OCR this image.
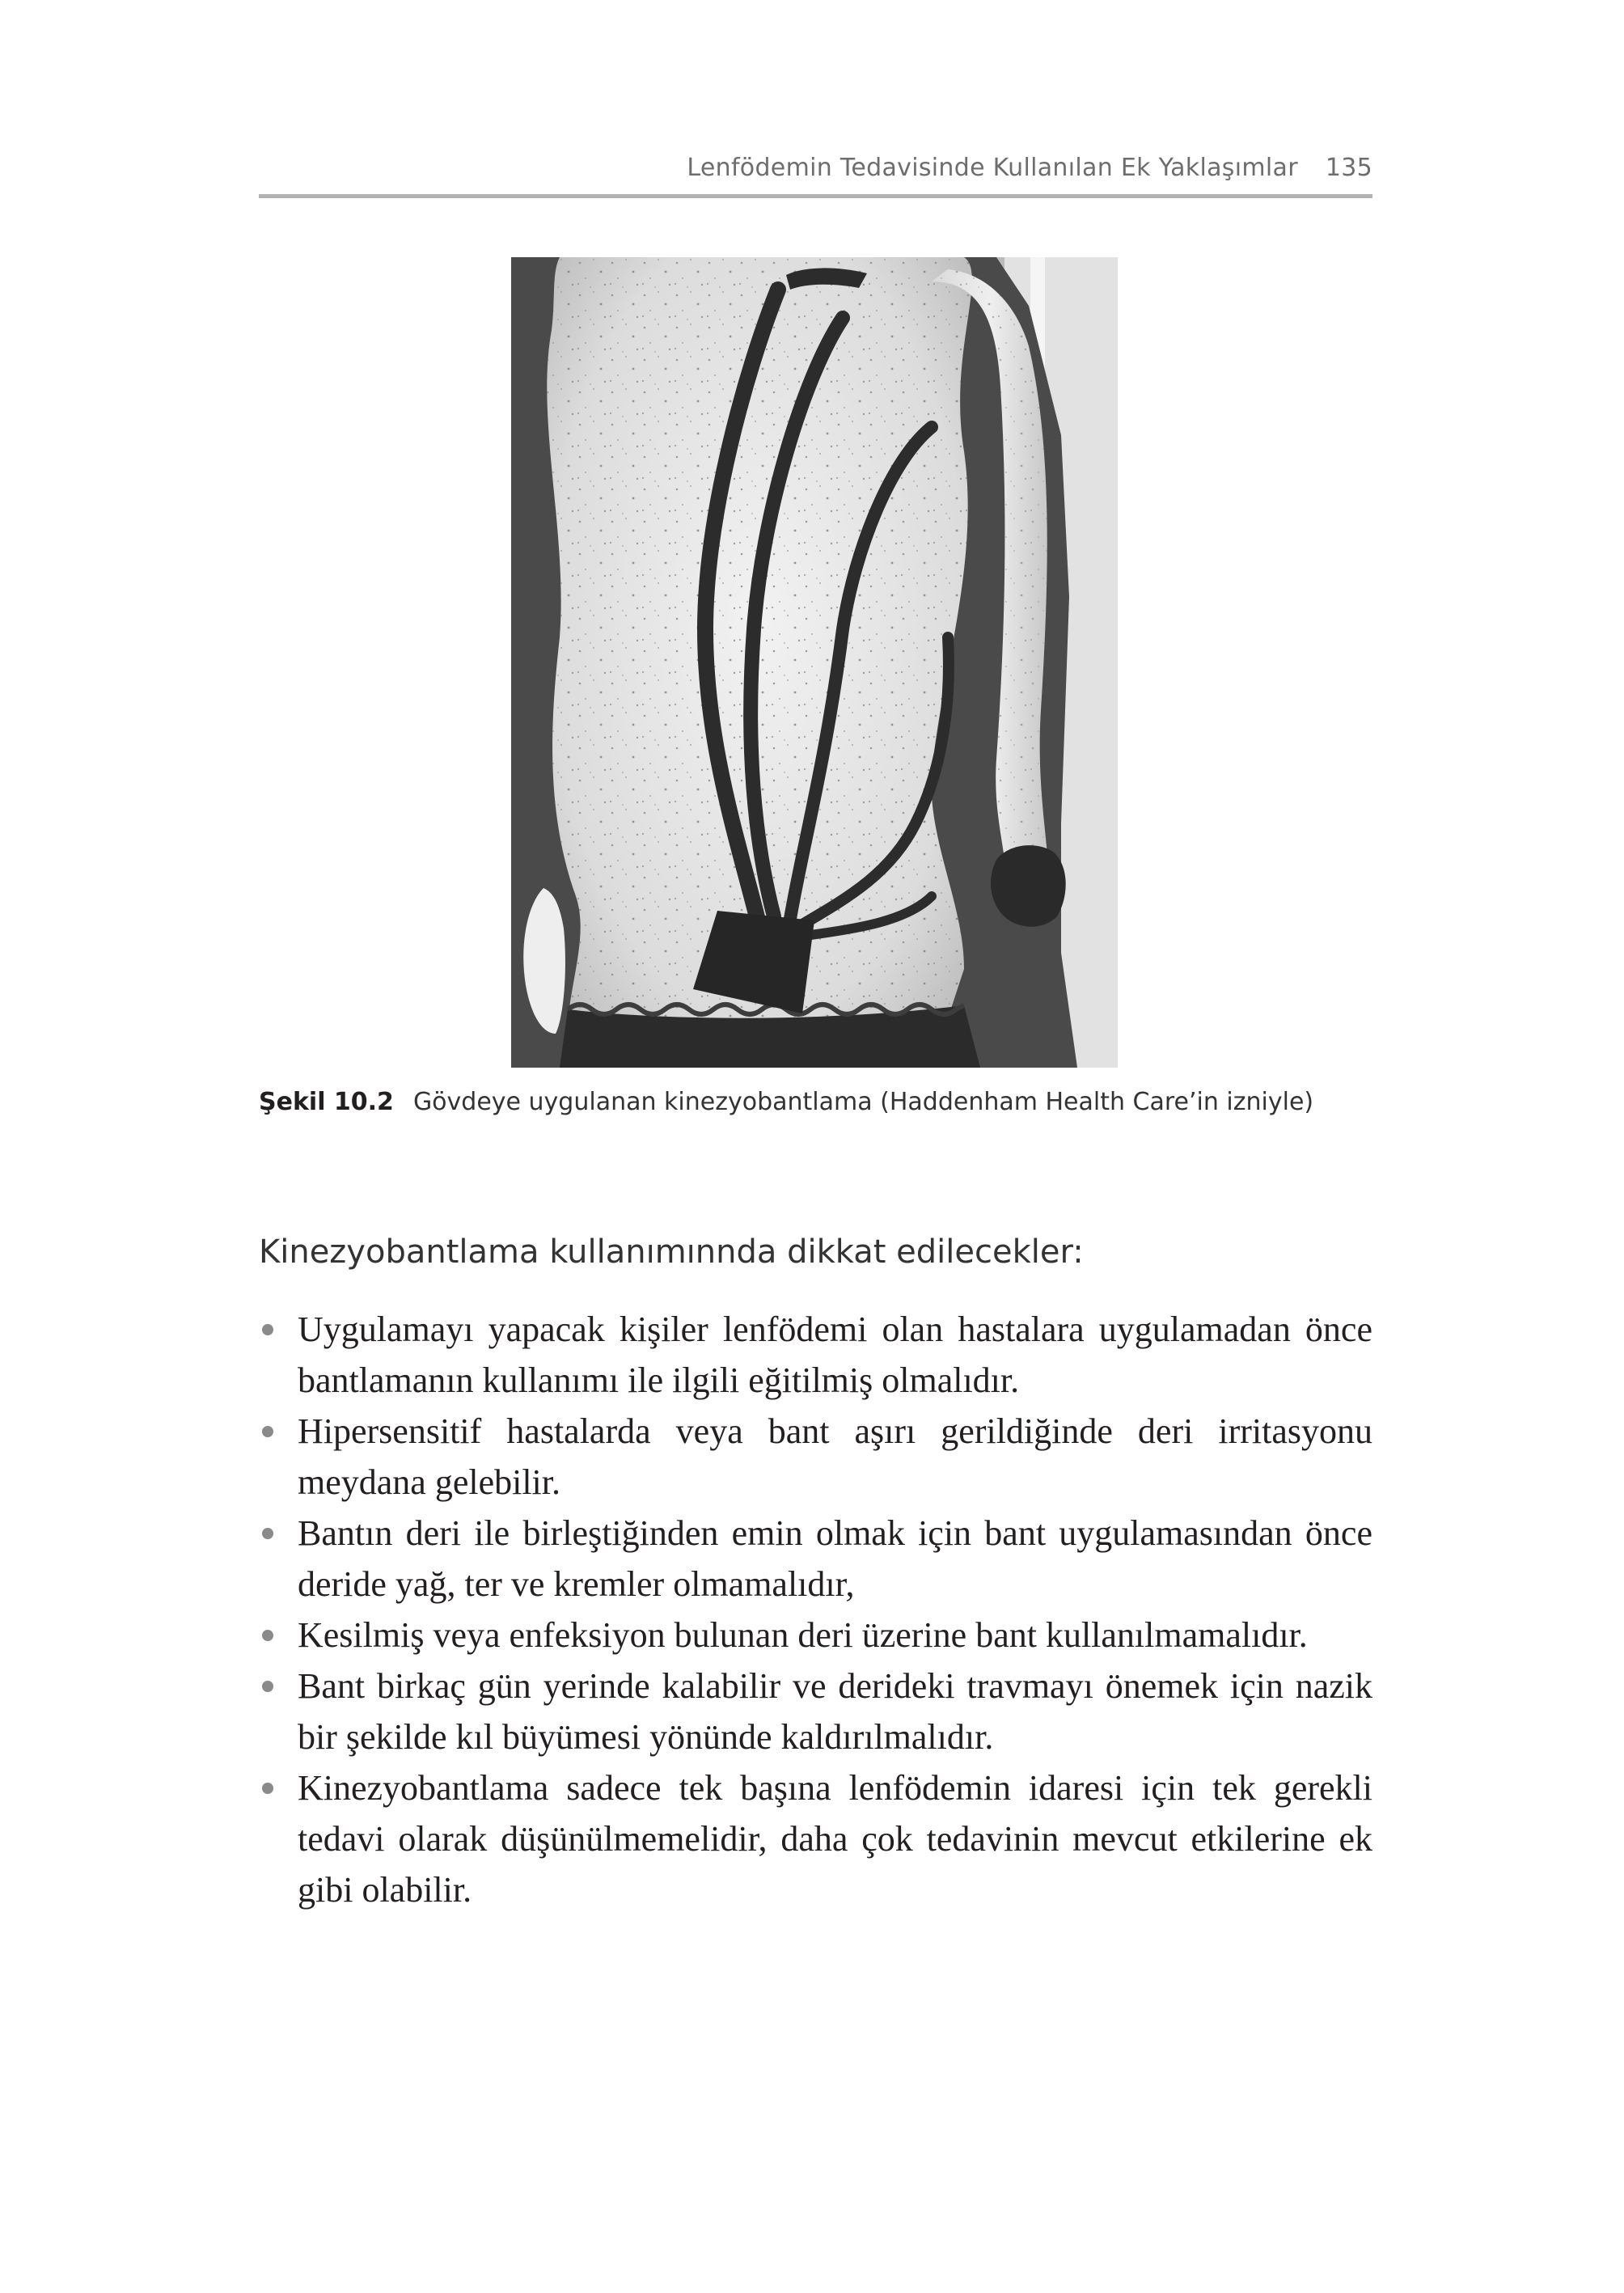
Lenfödemin Tedavisinde Kullanılan Ek Yaklaşımlar 135
Şekil 10.2 Gövdeye uygulanan kinezyobantlama (Haddenham Health Care’in izniyle)
Kinezyobantlama kullanımınnda dikkat edilecekler:
Uygulamayı yapacak kişiler lenfödemi olan hastalara uygulamadan önce bantlamanın kullanımı ile ilgili eğitilmiş olmalıdır.
Hipersensitif hastalarda veya bant aşırı gerildiğinde deri irritasyonu meydana gelebilir.
Bantın deri ile birleştiğinden emin olmak için bant uygulamasından önce deride yağ, ter ve kremler olmamalıdır,
Kesilmiş veya enfeksiyon bulunan deri üzerine bant kullanılmamalıdır.
Bant birkaç gün yerinde kalabilir ve derideki travmayı önemek için nazik bir şekilde kıl büyümesi yönünde kaldırılmalıdır.
Kinezyobantlama sadece tek başına lenfödemin idaresi için tek gerekli tedavi olarak düşünülmemelidir, daha çok tedavinin mevcut etkilerine ek gibi olabilir.
